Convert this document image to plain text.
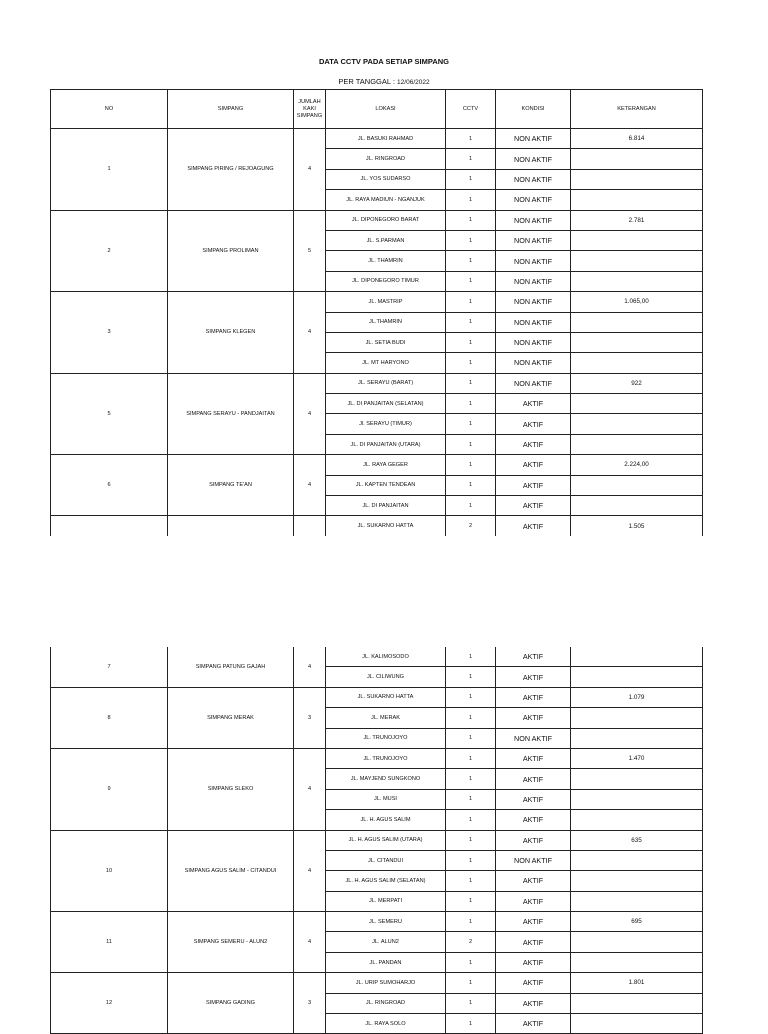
DATA CCTV PADA SETIAP SIMPANG
PER TANGGAL : 12/06/2022
NO	SIMPANG	JUMLAH KAKI SIMPANG	LOKASI	CCTV	KONDISI	KETERANGAN
1	SIMPANG PIRING / REJOAGUNG	4	JL. BASUKI RAHMAD	1	NON AKTIF	6.814
			JL. RINGROAD	1	NON AKTIF	
			JL. YOS SUDARSO	1	NON AKTIF	
			JL. RAYA MADIUN - NGANJUK	1	NON AKTIF	
2	SIMPANG PROLIMAN	5	JL. DIPONEGORO BARAT	1	NON AKTIF	2.781
			JL. S.PARMAN	1	NON AKTIF	
			JL. THAMRIN	1	NON AKTIF	
			JL. DIPONEGORO TIMUR	1	NON AKTIF	
3	SIMPANG KLEGEN	4	JL. MASTRIP	1	NON AKTIF	1.065,00
			JL.THAMRIN	1	NON AKTIF	
			JL. SETIA BUDI	1	NON AKTIF	
			JL. MT HARYONO	1	NON AKTIF	
5	SIMPANG SERAYU - PANDJAITAN	4	JL. SERAYU (BARAT)	1	NON AKTIF	922
			JL. DI PANJAITAN (SELATAN)	1	AKTIF	
			Jl. SERAYU (TIMUR)	1	AKTIF	
			JL. DI PANJAITAN (UTARA)	1	AKTIF	
6	SIMPANG TE'AN	4	JL. RAYA GEGER	1	AKTIF	2.224,00
			JL. KAPTEN TENDEAN	1	AKTIF	
			JL. DI PANJAITAN	1	AKTIF	
			JL. SUKARNO HATTA	2	AKTIF	1.505
7	SIMPANG PATUNG GAJAH	4	JL. KALIMOSODO	1	AKTIF	
			JL. CILIWUNG	1	AKTIF	
8	SIMPANG MERAK	3	JL. SUKARNO HATTA	1	AKTIF	1.079
			JL. MERAK	1	AKTIF	
			JL. TRUNOJOYO	1	NON AKTIF	
9	SIMPANG SLEKO	4	JL. TRUNOJOYO	1	AKTIF	1.470
			JL. MAYJEND SUNGKONO	1	AKTIF	
			JL. MUSI	1	AKTIF	
			JL. H. AGUS SALIM	1	AKTIF	
10	SIMPANG AGUS SALIM - CITANDUI	4	JL. H. AGUS SALIM (UTARA)	1	AKTIF	635
			JL. CITANDUI	1	NON AKTIF	
			JL. H. AGUS SALIM (SELATAN)	1	AKTIF	
			JL. MERPATI	1	AKTIF	
11	SIMPANG SEMERU - ALUN2	4	JL. SEMERU	1	AKTIF	695
			JL. ALUN2	2	AKTIF	
			JL. PANDAN	1	AKTIF	
12	SIMPANG GADING	3	JL. URIP SUMOHARJO	1	AKTIF	1.801
			JL. RINGROAD	1	AKTIF	
			JL. RAYA SOLO	1	AKTIF	
